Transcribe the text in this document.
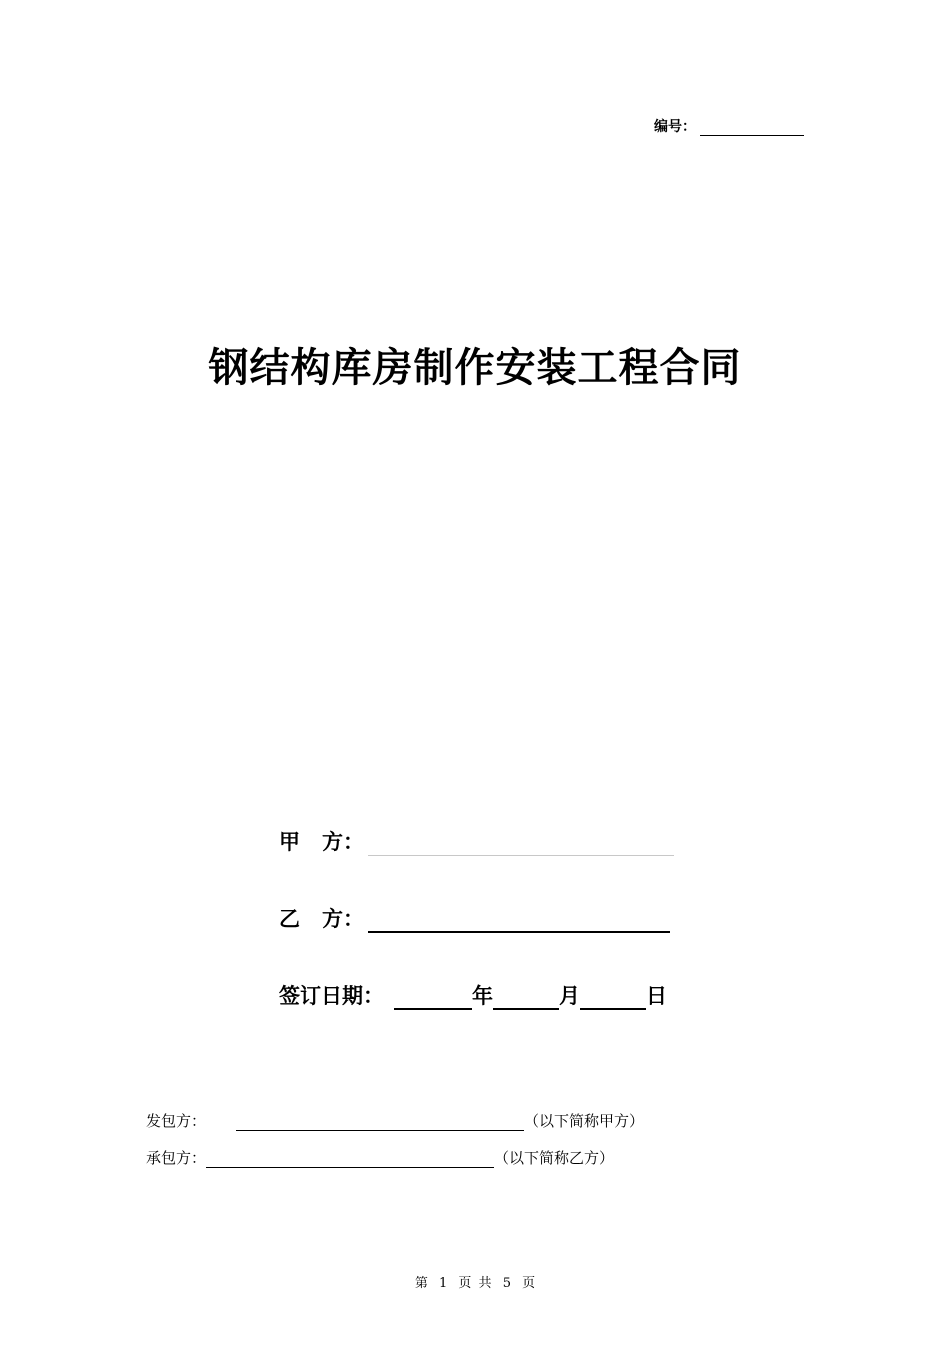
编号：
钢结构库房制作安装工程合同
甲 方：
乙 方：
签订日期：	年	月	日
发包方：	（以下简称甲方）
承包方：	（以下简称乙方）
第 1 页 共 5 页
